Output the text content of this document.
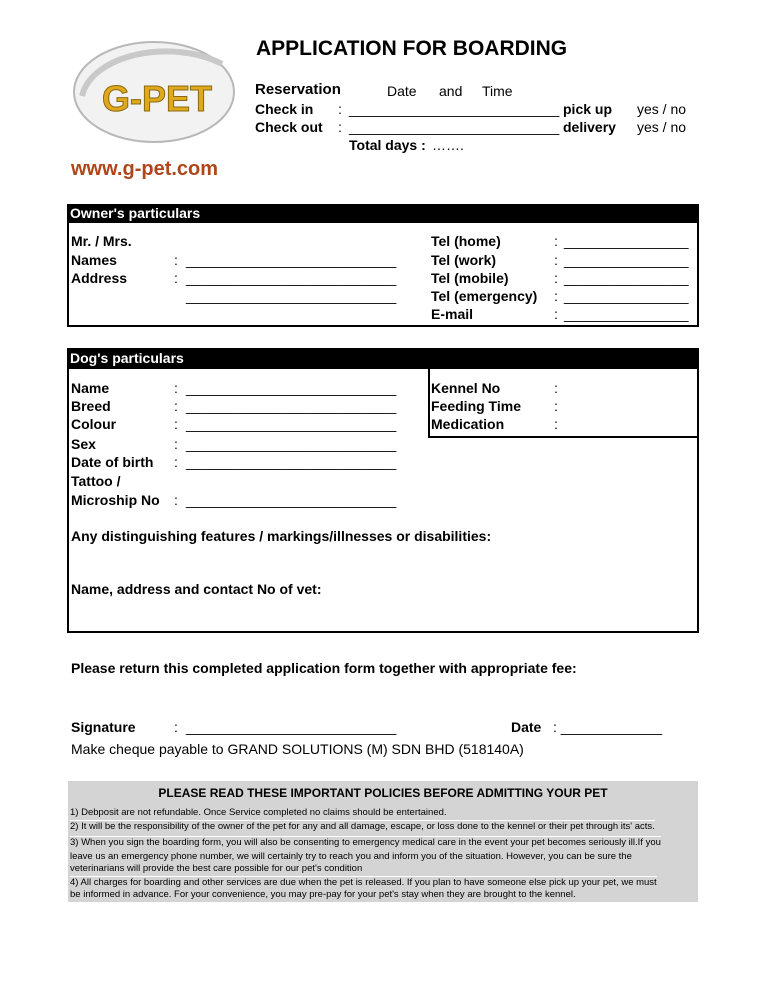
G-PET
www.g-pet.com
APPLICATION FOR BOARDING
Reservation	Date and Time
Check in : ___________________________ pick up yes / no
Check out : ___________________________ delivery yes / no
Total days : …….
Owner's particulars
Mr. / Mrs.
Names	: ___________________________
Address	: ___________________________
___________________________
Tel (home)	: ________________
Tel (work)	: ________________
Tel (mobile)	: ________________
Tel (emergency) : ________________
E-mail	: ________________
Dog's particulars
Name	: ___________________________
Breed	: ___________________________
Colour	: ___________________________
Sex	: ___________________________
Date of birth : ___________________________
Tattoo /
Microship No : ___________________________
Kennel No	:
Feeding Time :
Medication	:
Any distinguishing features / markings/illnesses or disabilities:
Name, address and contact No of vet:
Please return this completed application form together with appropriate fee:
Signature	: ___________________________	Date : _____________
Make cheque payable to GRAND SOLUTIONS (M) SDN BHD (518140A)
PLEASE READ THESE IMPORTANT POLICIES BEFORE ADMITTING YOUR PET
1) Debposit are not refundable. Once Service completed no claims should be entertained.
2) It will be the responsibility of the owner of the pet for any and all damage, escape, or loss done to the kennel or their pet through its' acts.
3) When you sign the boarding form, you will also be consenting to emergency medical care in the event your pet becomes seriously ill.If you
leave us an emergency phone number, we will certainly try to reach you and inform you of the situation. However, you can be sure the
veterinarians will provide the best care possible for our pet's condition
4) All charges for boarding and other services are due when the pet is released. If you plan to have someone else pick up your pet, we must
be informed in advance. For your convenience, you may pre-pay for your pet's stay when they are brought to the kennel.
